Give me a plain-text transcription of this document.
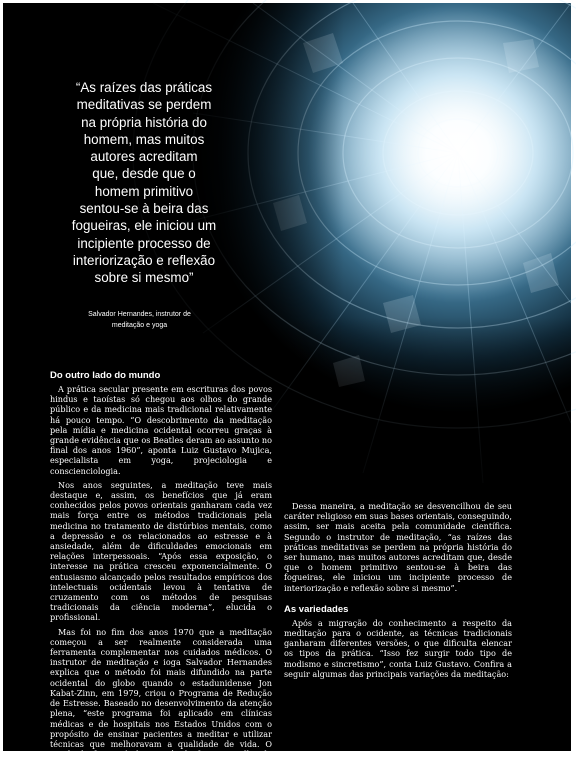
“As raízes das práticas
meditativas se perdem
na própria história do
homem, mas muitos
autores acreditam
que, desde que o
homem primitivo
sentou-se à beira das
fogueiras, ele iniciou um
incipiente processo de
interiorização e reflexão
sobre si mesmo”
Salvador Hernandes, instrutor de
meditação e yoga
Do outro lado do mundo

A prática secular presente em escrituras dos povos hindus e taoístas só chegou aos olhos do grande público e da medicina mais tradicional relativamente há pouco tempo. “O descobrimento da meditação pela mídia e medicina ocidental ocorreu graças à grande evidência que os Beatles deram ao assunto no final dos anos 1960”, aponta Luiz Gustavo Mujica, especialista em yoga, projeciologia e conscienciologia.

Nos anos seguintes, a meditação teve mais destaque e, assim, os benefícios que já eram conhecidos pelos povos orientais ganharam cada vez mais força entre os métodos tradicionais pela medicina no tratamento de distúrbios mentais, como a depressão e os relacionados ao estresse e à ansiedade, além de dificuldades emocionais em relações interpessoais. “Após essa exposição, o interesse na prática cresceu exponencialmente. O entusiasmo alcançado pelos resultados empíricos dos intelectuais ocidentais levou à tentativa de cruzamento com os métodos de pesquisas tradicionais da ciência moderna”, elucida o profissional.

Mas foi no fim dos anos 1970 que a meditação começou a ser realmente considerada uma ferramenta complementar nos cuidados médicos. O instrutor de meditação e ioga Salvador Hernandes explica que o método foi mais difundido na parte ocidental do globo quando o estadunidense Jon Kabat-Zinn, em 1979, criou o Programa de Redução de Estresse. Baseado no desenvolvimento da atenção plena, “este programa foi aplicado em clínicas médicas e de hospitais nos Estados Unidos com o propósito de ensinar pacientes a meditar e utilizar técnicas que melhoravam a qualidade de vida. O resultado foi incrível e o método foi se espalhando para o mundo todo”, conta Hernandes (saiba mais na página 18).

Dessa maneira, a meditação se desvencilhou de seu caráter religioso em suas bases orientais, conseguindo, assim, ser mais aceita pela comunidade científica. Segundo o instrutor de meditação, “as raízes das práticas meditativas se perdem na própria história do ser humano, mas muitos autores acreditam que, desde que o homem primitivo sentou-se à beira das fogueiras, ele iniciou um incipiente processo de interiorização e reflexão sobre si mesmo”.

As variedades

Após a migração do conhecimento a respeito da meditação para o ocidente, as técnicas tradicionais ganharam diferentes versões, o que dificulta elencar os tipos da prática. “Isso fez surgir todo tipo de modismo e sincretismo”, conta Luiz Gustavo. Confira a seguir algumas das principais variações da meditação:
